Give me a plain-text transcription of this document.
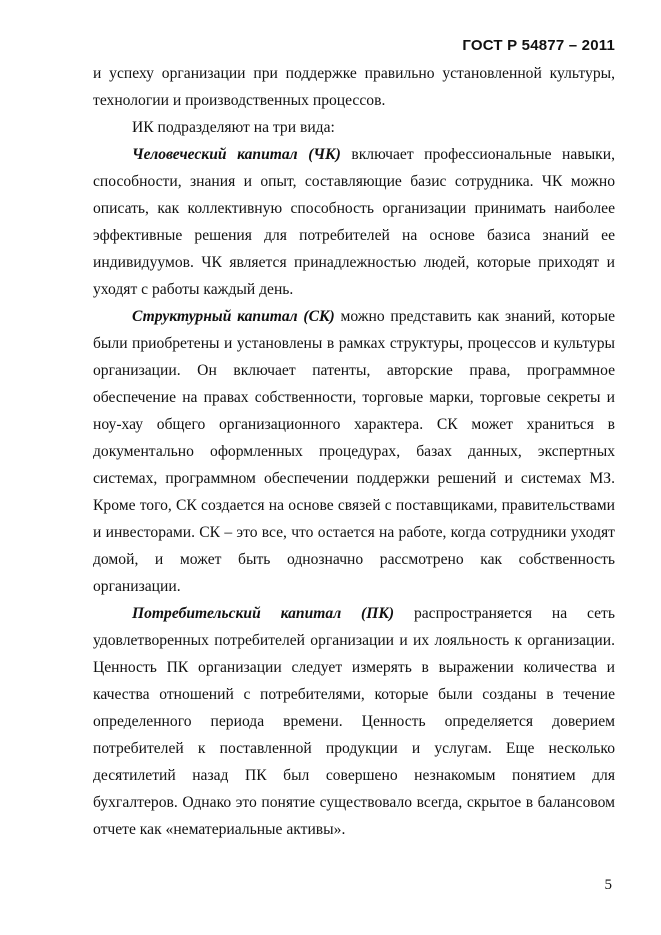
ГОСТ Р 54877 – 2011

и успеху организации при поддержке правильно установленной культуры, технологии и производственных процессов.

ИК подразделяют на три вида:

Человеческий капитал (ЧК) включает профессиональные навыки, способности, знания и опыт, составляющие базис сотрудника. ЧК можно описать, как коллективную способность организации принимать наиболее эффективные решения для потребителей на основе базиса знаний ее индивидуумов. ЧК является принадлежностью людей, которые приходят и уходят с работы каждый день.

Структурный капитал (СК) можно представить как знаний, которые были приобретены и установлены в рамках структуры, процессов и культуры организации. Он включает патенты, авторские права, программное обеспечение на правах собственности, торговые марки, торговые секреты и ноу-хау общего организационного характера. СК может храниться в документально оформленных процедурах, базах данных, экспертных системах, программном обеспечении поддержки решений и системах МЗ. Кроме того, СК создается на основе связей с поставщиками, правительствами и инвесторами. СК – это все, что остается на работе, когда сотрудники уходят домой, и может быть однозначно рассмотрено как собственность организации.

Потребительский капитал (ПК) распространяется на сеть удовлетворенных потребителей организации и их лояльность к организации. Ценность ПК организации следует измерять в выражении количества и качества отношений с потребителями, которые были созданы в течение определенного периода времени. Ценность определяется доверием потребителей к поставленной продукции и услугам. Еще несколько десятилетий назад ПК был совершено незнакомым понятием для бухгалтеров. Однако это понятие существовало всегда, скрытое в балансовом отчете как «нематериальные активы».

5
